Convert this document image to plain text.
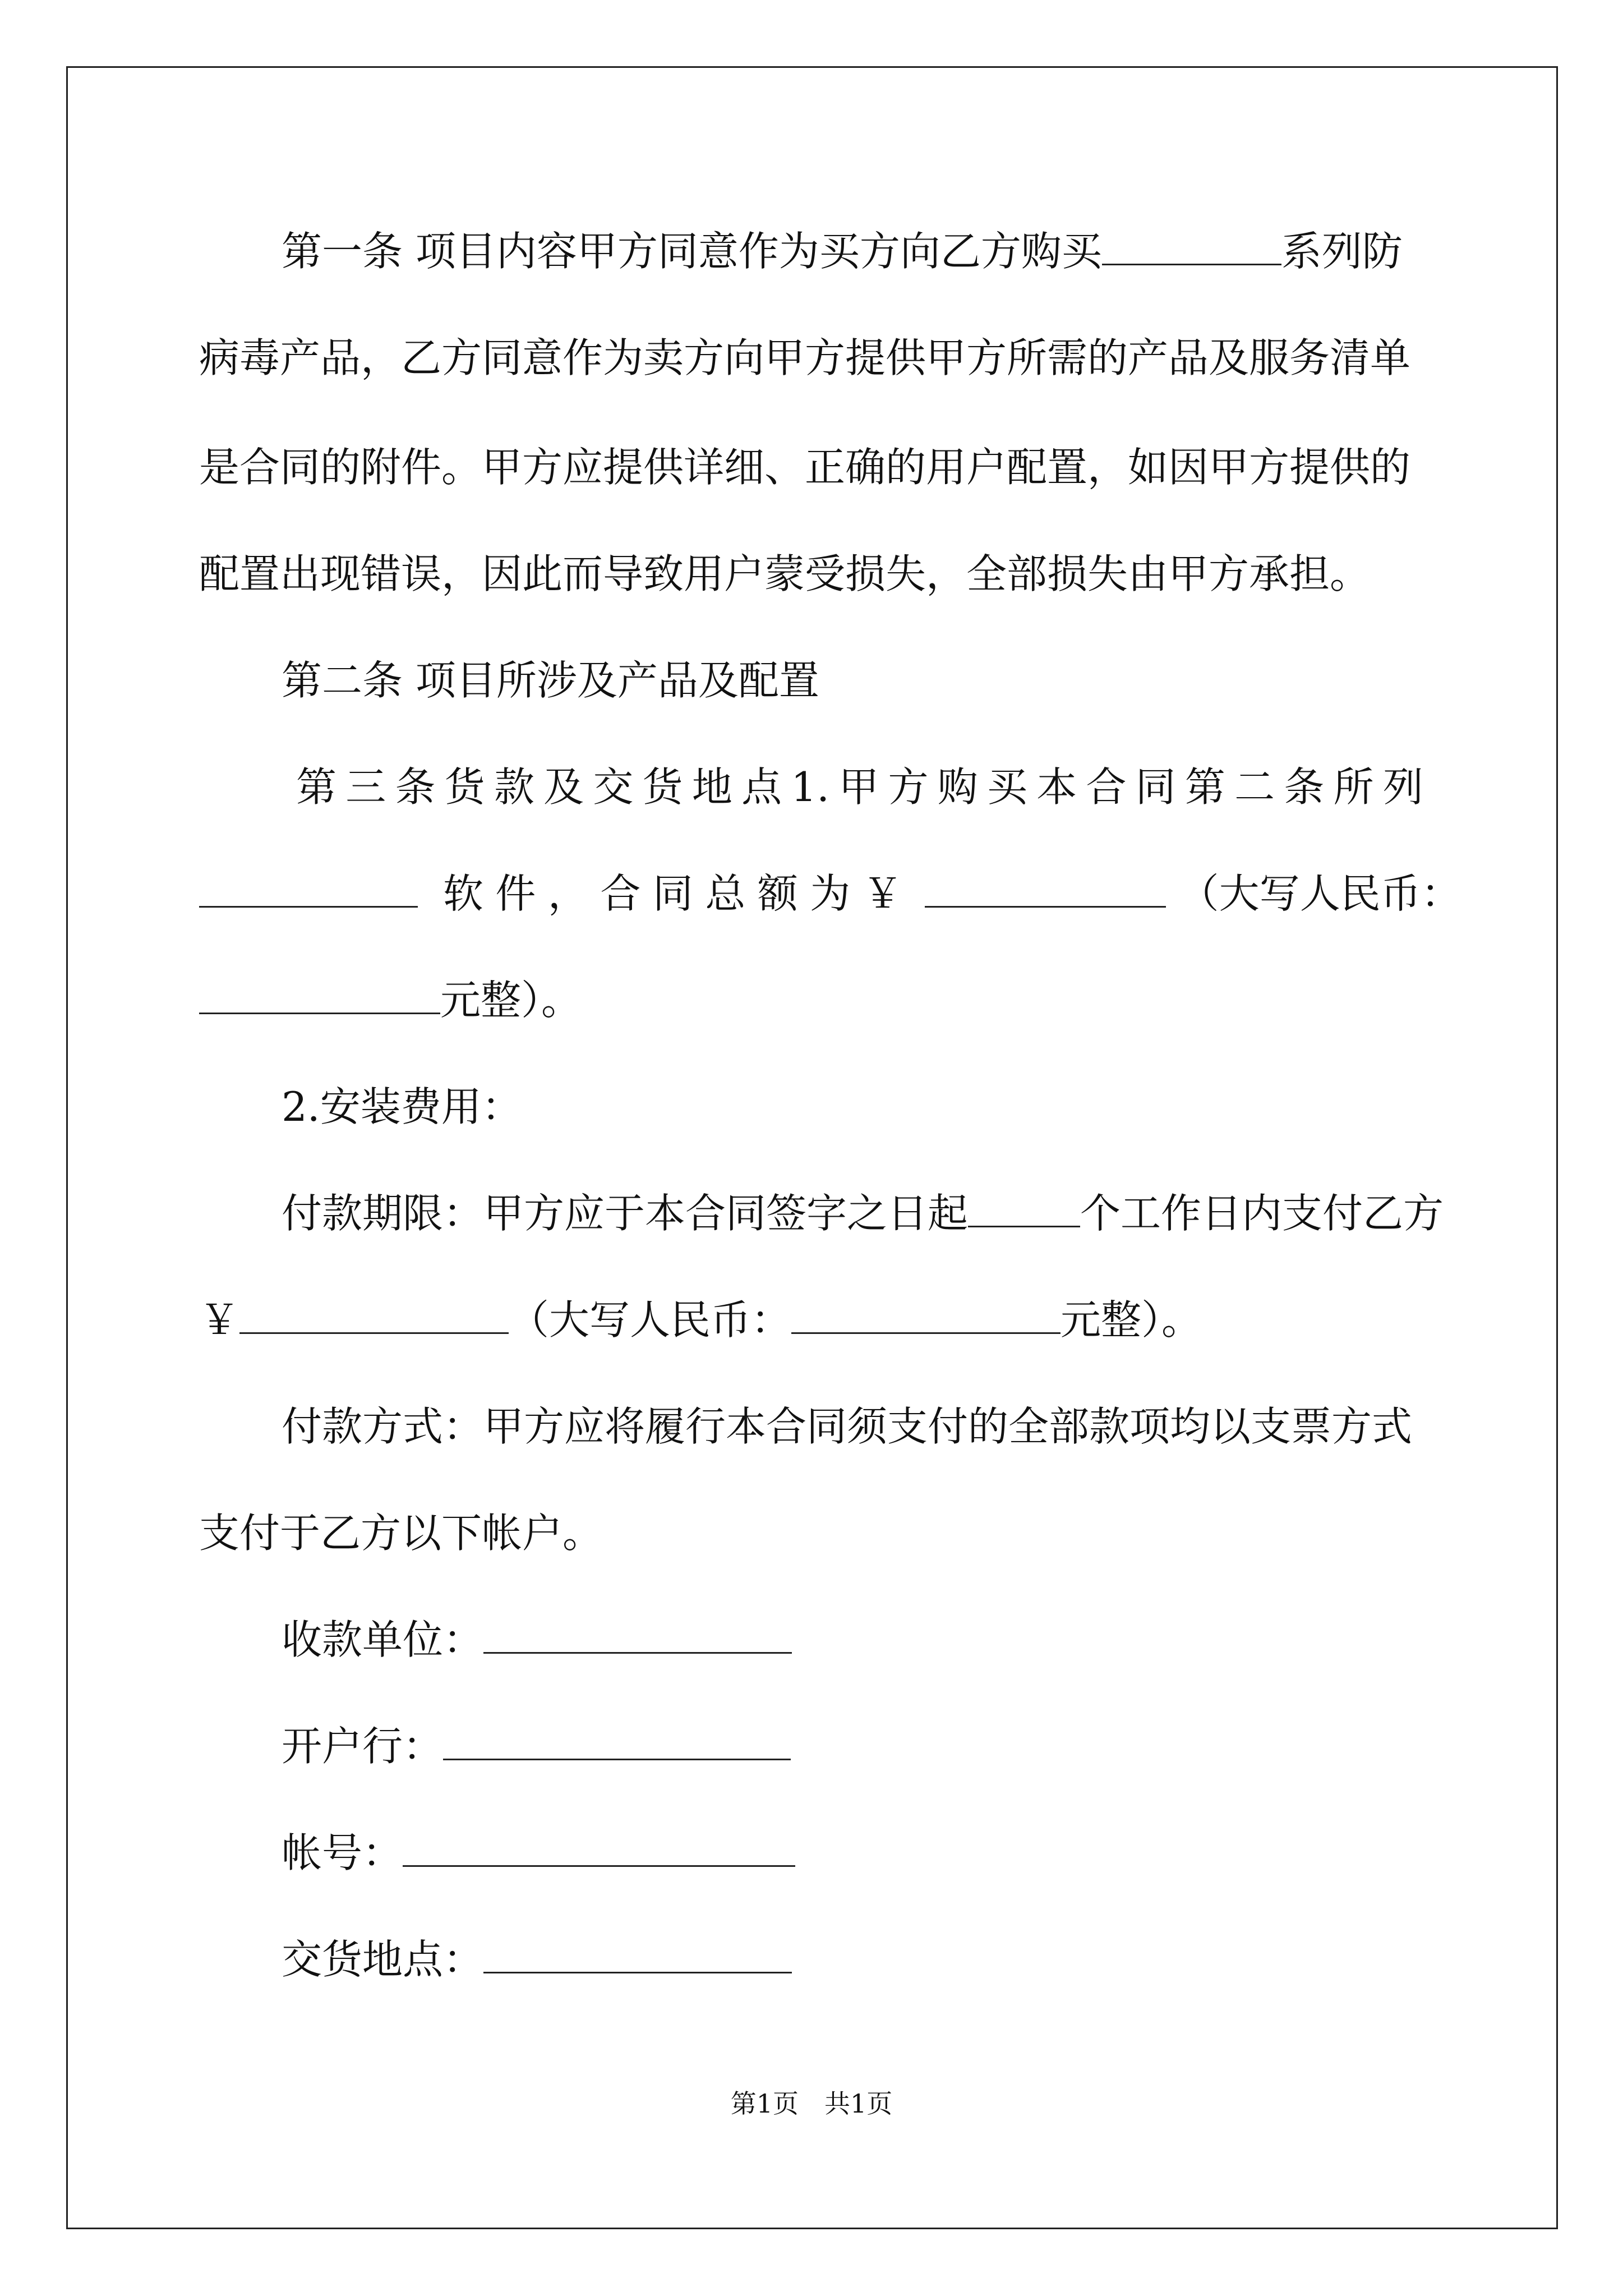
第一条 项目内容甲方同意作为买方向乙方购买	系列防
病毒产品，乙方同意作为卖方向甲方提供甲方所需的产品及服务清单
是合同的附件。甲方应提供详细、正确的用户配置，如因甲方提供的
配置出现错误，因此而导致用户蒙受损失，全部损失由甲方承担。
第二条 项目所涉及产品及配置
第 三 条 货 款 及 交 货 地 点 1. 甲 方 购 买 本 合 同 第 二 条 所 列

软 件 ， 合 同 总 额 为 ￥
	（大 写 人 民 币 ：
元整）。
2.安装费用：
付款期限：甲方应于本合同签字之日起	个工作日内支付乙方
￥	（大写人民币：	元整）。
付款方式：甲方应将履行本合同须支付的全部款项均以支票方式
支付于乙方以下帐户。
收款单位：
开户行：
帐号：
交货地点：
第1页　共1页
